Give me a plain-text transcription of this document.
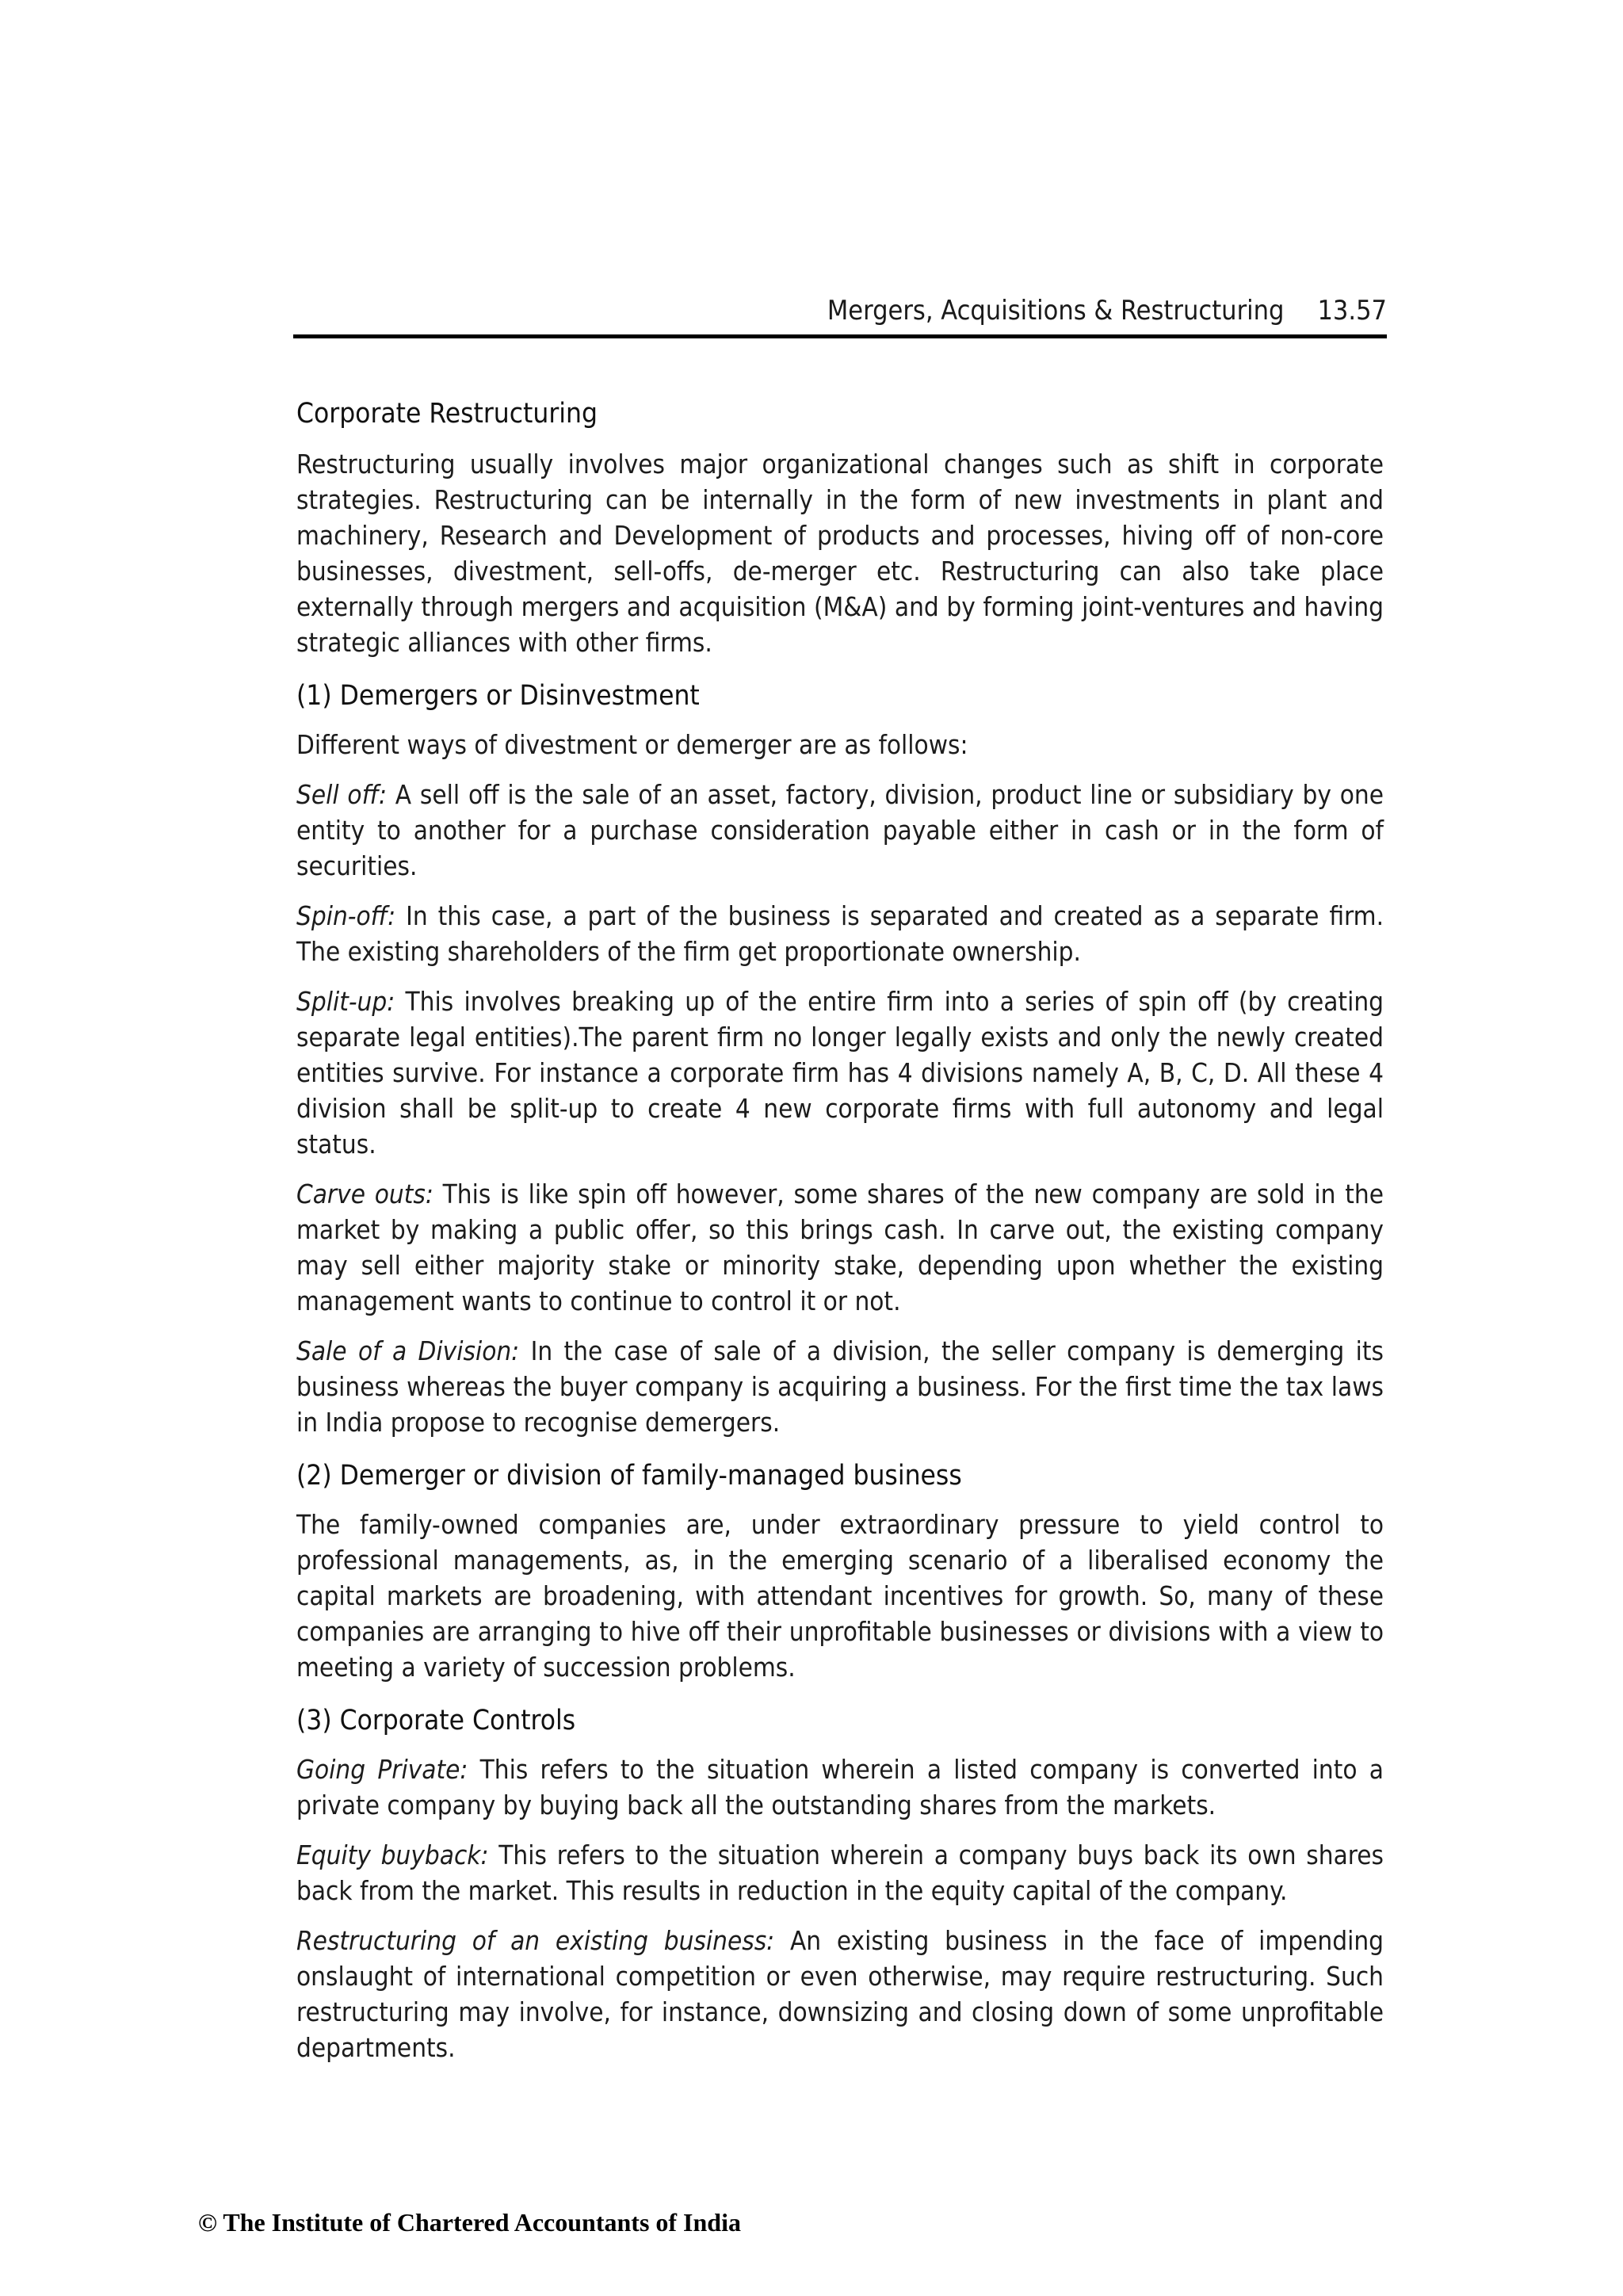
Mergers, Acquisitions & Restructuring 13.57
Corporate Restructuring

Restructuring usually involves major organizational changes such as shift in corporate strategies. Restructuring can be internally in the form of new investments in plant and machinery, Research and Development of products and processes, hiving off of non-core businesses, divestment, sell-offs, de-merger etc. Restructuring can also take place externally through mergers and acquisition (M&A) and by forming joint-ventures and having strategic alliances with other firms.

(1) Demergers or Disinvestment

Different ways of divestment or demerger are as follows:

Sell off: A sell off is the sale of an asset, factory, division, product line or subsidiary by one entity to another for a purchase consideration payable either in cash or in the form of securities.

Spin-off: In this case, a part of the business is separated and created as a separate firm. The existing shareholders of the firm get proportionate ownership.

Split-up: This involves breaking up of the entire firm into a series of spin off (by creating separate legal entities).The parent firm no longer legally exists and only the newly created entities survive. For instance a corporate firm has 4 divisions namely A, B, C, D. All these 4 division shall be split-up to create 4 new corporate firms with full autonomy and legal status.

Carve outs: This is like spin off however, some shares of the new company are sold in the market by making a public offer, so this brings cash. In carve out, the existing company may sell either majority stake or minority stake, depending upon whether the existing management wants to continue to control it or not.

Sale of a Division: In the case of sale of a division, the seller company is demerging its business whereas the buyer company is acquiring a business. For the first time the tax laws in India propose to recognise demergers.

(2) Demerger or division of family-managed business

The family-owned companies are, under extraordinary pressure to yield control to professional managements, as, in the emerging scenario of a liberalised economy the capital markets are broadening, with attendant incentives for growth. So, many of these companies are arranging to hive off their unprofitable businesses or divisions with a view to meeting a variety of succession problems.

(3) Corporate Controls

Going Private: This refers to the situation wherein a listed company is converted into a private company by buying back all the outstanding shares from the markets.

Equity buyback: This refers to the situation wherein a company buys back its own shares back from the market. This results in reduction in the equity capital of the company.

Restructuring of an existing business: An existing business in the face of impending onslaught of international competition or even otherwise, may require restructuring. Such restructuring may involve, for instance, downsizing and closing down of some unprofitable departments.

© The Institute of Chartered Accountants of India
